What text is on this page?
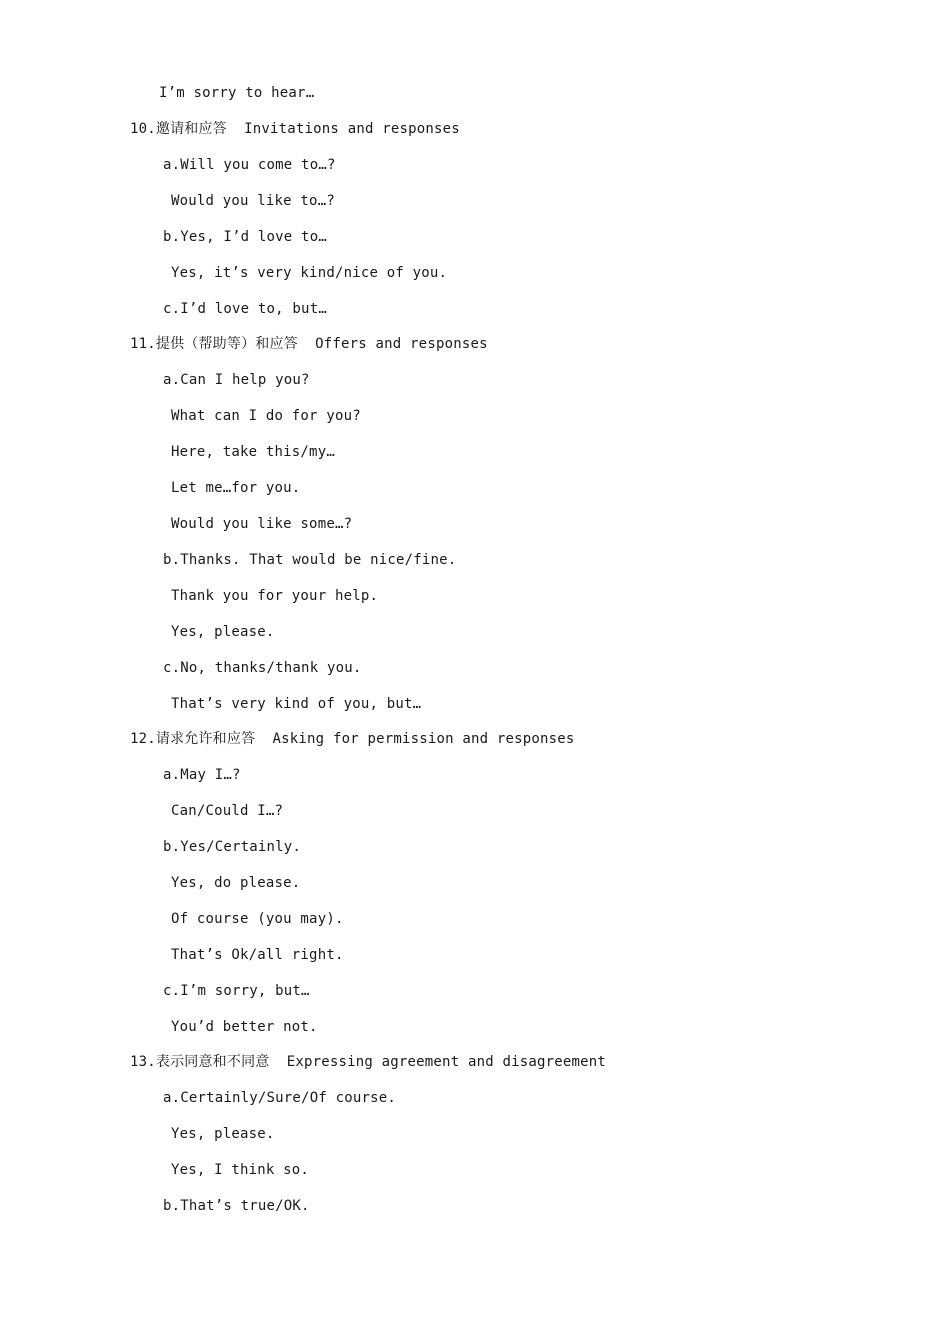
I’m sorry to hear…
10.邀请和应答  Invitations and responses
a.Will you come to…?
Would you like to…?
b.Yes, I’d love to…
Yes, it’s very kind/nice of you.
c.I’d love to, but…
11.提供（帮助等）和应答  Offers and responses
a.Can I help you?
What can I do for you?
Here, take this/my…
Let me…for you.
Would you like some…?
b.Thanks. That would be nice/fine.
Thank you for your help.
Yes, please.
c.No, thanks/thank you.
That’s very kind of you, but…
12.请求允许和应答  Asking for permission and responses
a.May I…?
Can/Could I…?
b.Yes/Certainly.
Yes, do please.
Of course (you may).
That’s Ok/all right.
c.I’m sorry, but…
You’d better not.
13.表示同意和不同意  Expressing agreement and disagreement
a.Certainly/Sure/Of course.
Yes, please.
Yes, I think so.
b.That’s true/OK.
